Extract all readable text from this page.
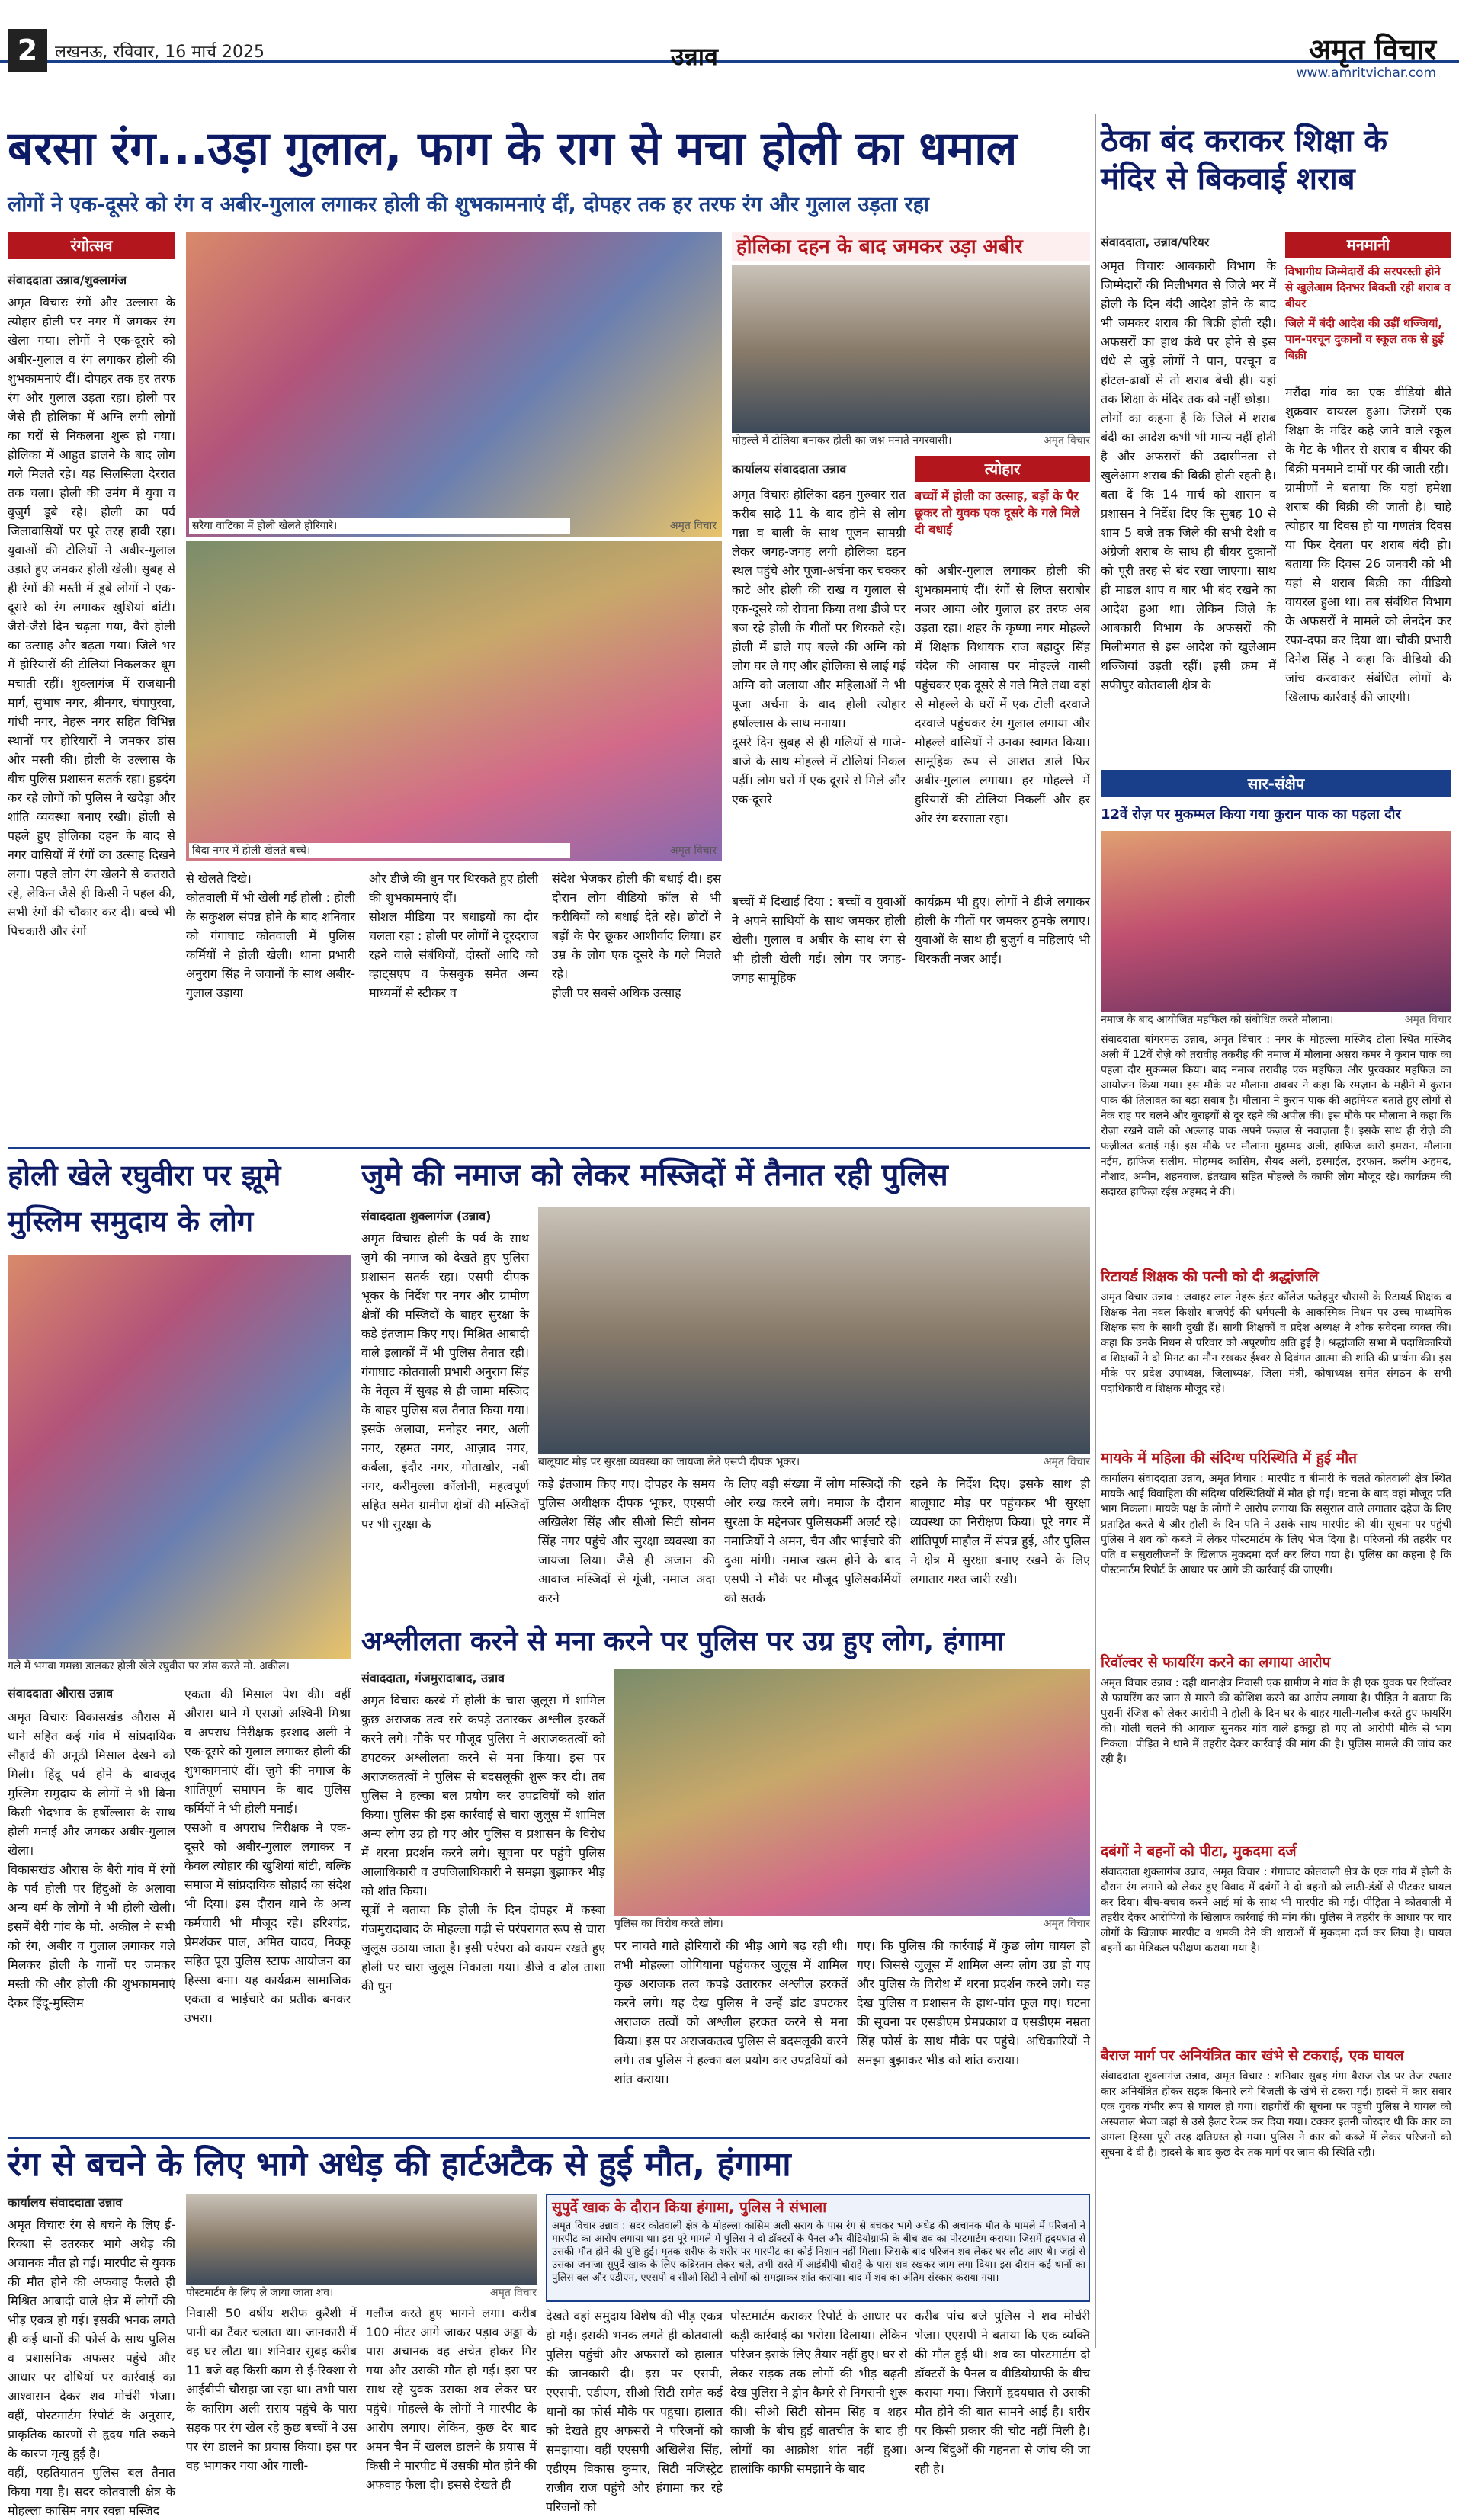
2	लखनऊ, रविवार, 16 मार्च 2025	उन्नाव	अमृत विचार
www.amritvichar.com
बरसा रंग...उड़ा गुलाल, फाग के राग से मचा होली का धमाल
लोगों ने एक-दूसरे को रंग व अबीर-गुलाल लगाकर होली की शुभकामनाएं दीं, दोपहर तक हर तरफ रंग और गुलाल उड़ता रहा
रंगोत्सव
संवाददाता उन्नाव/शुक्लागंज
अमृत विचारः रंगों और उल्लास के त्योहार होली पर नगर में जमकर रंग खेला गया। लोगों ने एक-दूसरे को अबीर-गुलाल व रंग लगाकर होली की शुभकामनाएं दीं। दोपहर तक हर तरफ रंग और गुलाल उड़ता रहा। होली पर जैसे ही होलिका में अग्नि लगी लोगों का घरों से निकलना शुरू हो गया। होलिका में आहुत डालने के बाद लोग गले मिलते रहे। यह सिलसिला देररात तक चला। होली की उमंग में युवा व बुजुर्ग डूबे रहे। होली का पर्व जिलावासियों पर पूरे तरह हावी रहा। युवाओं की टोलियों ने अबीर-गुलाल उड़ाते हुए जमकर होली खेली। सुबह से ही रंगों की मस्ती में डूबे लोगों ने एक-दूसरे को रंग लगाकर खुशियां बांटी। जैसे-जैसे दिन चढ़ता गया, वैसे होली का उत्साह और बढ़ता गया। जिले भर में होरियारों की टोलियां निकलकर धूम मचाती रहीं। शुक्लागंज में राजधानी मार्ग, सुभाष नगर, श्रीनगर, चंपापुरवा, गांधी नगर, नेहरू नगर सहित विभिन्न स्थानों पर होरियारों ने जमकर डांस और मस्ती की। होली के उल्लास के बीच पुलिस प्रशासन सतर्क रहा। हुड़दंग कर रहे लोगों को पुलिस ने खदेड़ा और शांति व्यवस्था बनाए रखी। होली से पहले हुए होलिका दहन के बाद से नगर वासियों में रंगों का उत्साह दिखने लगा। पहले लोग रंग खेलने से कतराते रहे, लेकिन जैसे ही किसी ने पहल की, सभी रंगों की चौकार कर दी। बच्चे भी पिचकारी और रंगों
सरैया वाटिका में होली खेलते होरियारे।	अमृत विचार
बिदा नगर में होली खेलते बच्चे।	अमृत विचार
से खेलते दिखे।
कोतवाली में भी खेली गई होली : होली के सकुशल संपन्न होने के बाद शनिवार को गंगाघाट कोतवाली में पुलिस कर्मियों ने होली खेली। थाना प्रभारी अनुराग सिंह ने जवानों के साथ अबीर-गुलाल उड़ाया
और डीजे की धुन पर थिरकते हुए होली की शुभकामनाएं दीं।
सोशल मीडिया पर बधाइयों का दौर चलता रहा : होली पर लोगों ने दूरदराज रहने वाले संबंधियों, दोस्तों आदि को व्हाट्सएप व फेसबुक समेत अन्य माध्यमों से स्टीकर व
संदेश भेजकर होली की बधाई दी। इस दौरान लोग वीडियो कॉल से भी करीबियों को बधाई देते रहे। छोटों ने बड़ों के पैर छूकर आशीर्वाद लिया। हर उम्र के लोग एक दूसरे के गले मिलते रहे।
होली पर सबसे अधिक उत्साह
होलिका दहन के बाद जमकर उड़ा अबीर
मोहल्ले में टोलिया बनाकर होली का जश्न मनाते नगरवासी।	अमृत विचार
कार्यालय संवाददाता उन्नाव	त्योहार
बच्चों में होली का उत्साह, बड़ों के पैर छूकर तो युवक एक दूसरे के गले मिले दी बधाई
अमृत विचारः होलिका दहन गुरुवार रात करीब साढ़े 11 के बाद होने से लोग गन्ना व बाली के साथ पूजन सामग्री लेकर जगह-जगह लगी होलिका दहन स्थल पहुंचे और पूजा-अर्चना कर चक्कर काटे और होली की राख व गुलाल से एक-दूसरे को रोचना किया तथा डीजे पर बज रहे होली के गीतों पर थिरकते रहे। होली में डाले गए बल्ले की अग्नि को लोग घर ले गए और होलिका से लाई गई अग्नि को जलाया और महिलाओं ने भी पूजा अर्चना के बाद होली त्योहार हर्षोल्लास के साथ मनाया।
दूसरे दिन सुबह से ही गलियों से गाजे-बाजे के साथ मोहल्ले में टोलियां निकल पड़ीं। लोग घरों में एक दूसरे से मिले और एक-दूसरे
को अबीर-गुलाल लगाकर होली की शुभकामनाएं दीं। रंगों से लिप्त सराबोर नजर आया और गुलाल हर तरफ अब उड़ता रहा। शहर के कृष्णा नगर मोहल्ले में शिक्षक विधायक राज बहादुर सिंह चंदेल की आवास पर मोहल्ले वासी पहुंचकर एक दूसरे से गले मिले तथा वहां से मोहल्ले के घरों में एक टोली दरवाजे दरवाजे पहुंचकर रंग गुलाल लगाया और मोहल्ले वासियों ने उनका स्वागत किया। सामूहिक रूप से आशत डाले फिर अबीर-गुलाल लगाया। हर मोहल्ले में हुरियारों की टोलियां निकलीं और हर ओर रंग बरसाता रहा।
बच्चों में दिखाई दिया : बच्चों व युवाओं ने अपने साथियों के साथ जमकर होली खेली। गुलाल व अबीर के साथ रंग से भी होली खेली गई। लोग पर जगह-जगह सामूहिक
कार्यक्रम भी हुए। लोगों ने डीजे लगाकर होली के गीतों पर जमकर ठुमके लगाए। युवाओं के साथ ही बुजुर्ग व महिलाएं भी थिरकती नजर आईं।
ठेका बंद कराकर शिक्षा के मंदिर से बिकवाई शराब
संवाददाता, उन्नाव/परियर
अमृत विचारः आबकारी विभाग के जिम्मेदारों की मिलीभगत से जिले भर में होली के दिन बंदी आदेश होने के बाद भी जमकर शराब की बिक्री होती रही। अफसरों का हाथ कंधे पर होने से इस धंधे से जुड़े लोगों ने पान, परचून व होटल-ढाबों से तो शराब बेची ही। यहां तक शिक्षा के मंदिर तक को नहीं छोड़ा।
लोगों का कहना है कि जिले में शराब बंदी का आदेश कभी भी मान्य नहीं होती है और अफसरों की उदासीनता से खुलेआम शराब की बिक्री होती रहती है। बता दें कि 14 मार्च को शासन व प्रशासन ने निर्देश दिए कि सुबह 10 से शाम 5 बजे तक जिले की सभी देशी व अंग्रेजी शराब के साथ ही बीयर दुकानों को पूरी तरह से बंद रखा जाएगा। साथ ही माडल शाप व बार भी बंद रखने का आदेश हुआ था। लेकिन जिले के आबकारी विभाग के अफसरों की मिलीभगत से इस आदेश को खुलेआम धज्जियां उड़ती रहीं। इसी क्रम में सफीपुर कोतवाली क्षेत्र के
मनमानी
विभागीय जिम्मेदारों की सरपरस्ती होने से खुलेआम दिनभर बिकती रही शराब व बीयर
जिले में बंदी आदेश की उड़ीं धज्जियां, पान-परचून दुकानों व स्कूल तक से हुई बिक्री
मरौंदा गांव का एक वीडियो बीते शुक्रवार वायरल हुआ। जिसमें एक शिक्षा के मंदिर कहे जाने वाले स्कूल के गेट के भीतर से शराब व बीयर की बिक्री मनमाने दामों पर की जाती रही।
ग्रामीणों ने बताया कि यहां हमेशा शराब की बिक्री की जाती है। चाहे त्योहार या दिवस हो या गणतंत्र दिवस या फिर देवता पर शराब बंदी हो। बताया कि दिवस 26 जनवरी को भी यहां से शराब बिक्री का वीडियो वायरल हुआ था। तब संबंधित विभाग के अफसरों ने मामले को लेनदेन कर रफा-दफा कर दिया था। चौकी प्रभारी दिनेश सिंह ने कहा कि वीडियो की जांच करवाकर संबंधित लोगों के खिलाफ कार्रवाई की जाएगी।
सार-संक्षेप
12वें रोज़ पर मुकम्मल किया गया कुरान पाक का पहला दौर
नमाज के बाद आयोजित महफिल को संबोधित करते मौलाना।	अमृत विचार
संवाददाता बांगरमऊ उन्नाव, अमृत विचार : नगर के मोहल्ला मस्जिद टोला स्थित मस्जिद अली में 12वें रोज़े को तरावीह तकरीह की नमाज में मौलाना असरा कमर ने कुरान पाक का पहला दौर मुकम्मल किया। बाद नमाज तरावीह एक महफिल और पुरवकार महफिल का आयोजन किया गया। इस मौके पर मौलाना अक्बर ने कहा कि रमज़ान के महीने में कुरान पाक की तिलावत का बड़ा सवाब है। मौलाना ने कुरान पाक की अहमियत बताते हुए लोगों से नेक राह पर चलने और बुराइयों से दूर रहने की अपील की। इस मौके पर मौलाना ने कहा कि रोज़ा रखने वाले को अल्लाह पाक अपने फज़ल से नवाज़ता है। इसके साथ ही रोज़े की फज़ीलत बताई गई। इस मौके पर मौलाना मुहम्मद अली, हाफिज कारी इमरान, मौलाना नईम, हाफिज सलीम, मोहम्मद कासिम, सैयद अली, इस्माईल, इरफान, कलीम अहमद, नौशाद, अमीन, शहनवाज, इंतखाब सहित मोहल्ले के काफी लोग मौजूद रहे। कार्यक्रम की सदारत हाफिज़ रईस अहमद ने की।
रिटायर्ड शिक्षक की पत्नी को दी श्रद्धांजलि
अमृत विचार उन्नाव : जवाहर लाल नेहरू इंटर कॉलेज फतेहपुर चौरासी के रिटायर्ड शिक्षक व शिक्षक नेता नवल किशोर बाजपेई की धर्मपत्नी के आकस्मिक निधन पर उच्च माध्यमिक शिक्षक संघ के साथी दुखी हैं। साथी शिक्षकों व प्रदेश अध्यक्ष ने शोक संवेदना व्यक्त की। कहा कि उनके निधन से परिवार को अपूरणीय क्षति हुई है। श्रद्धांजलि सभा में पदाधिकारियों व शिक्षकों ने दो मिनट का मौन रखकर ईश्वर से दिवंगत आत्मा की शांति की प्रार्थना की। इस मौके पर प्रदेश उपाध्यक्ष, जिलाध्यक्ष, जिला मंत्री, कोषाध्यक्ष समेत संगठन के सभी पदाधिकारी व शिक्षक मौजूद रहे।
मायके में महिला की संदिग्ध परिस्थिति में हुई मौत
कार्यालय संवाददाता उन्नाव, अमृत विचार : मारपीट व बीमारी के चलते कोतवाली क्षेत्र स्थित मायके आई विवाहिता की संदिग्ध परिस्थितियों में मौत हो गई। घटना के बाद वहां मौजूद पति भाग निकला। मायके पक्ष के लोगों ने आरोप लगाया कि ससुराल वाले लगातार दहेज के लिए प्रताड़ित करते थे और होली के दिन पति ने उसके साथ मारपीट की थी। सूचना पर पहुंची पुलिस ने शव को कब्जे में लेकर पोस्टमार्टम के लिए भेज दिया है। परिजनों की तहरीर पर पति व ससुरालीजनों के खिलाफ मुकदमा दर्ज कर लिया गया है। पुलिस का कहना है कि पोस्टमार्टम रिपोर्ट के आधार पर आगे की कार्रवाई की जाएगी।
रिवॉल्वर से फायरिंग करने का लगाया आरोप
अमृत विचार उन्नाव : दही थानाक्षेत्र निवासी एक ग्रामीण ने गांव के ही एक युवक पर रिवॉल्वर से फायरिंग कर जान से मारने की कोशिश करने का आरोप लगाया है। पीड़ित ने बताया कि पुरानी रंजिश को लेकर आरोपी ने होली के दिन घर के बाहर गाली-गलौज करते हुए फायरिंग की। गोली चलने की आवाज सुनकर गांव वाले इकट्ठा हो गए तो आरोपी मौके से भाग निकला। पीड़ित ने थाने में तहरीर देकर कार्रवाई की मांग की है। पुलिस मामले की जांच कर रही है।
दबंगों ने बहनों को पीटा, मुकदमा दर्ज
संवाददाता शुक्लागंज उन्नाव, अमृत विचार : गंगाघाट कोतवाली क्षेत्र के एक गांव में होली के दौरान रंग लगाने को लेकर हुए विवाद में दबंगों ने दो बहनों को लाठी-डंडों से पीटकर घायल कर दिया। बीच-बचाव करने आई मां के साथ भी मारपीट की गई। पीड़िता ने कोतवाली में तहरीर देकर आरोपियों के खिलाफ कार्रवाई की मांग की। पुलिस ने तहरीर के आधार पर चार लोगों के खिलाफ मारपीट व धमकी देने की धाराओं में मुकदमा दर्ज कर लिया है। घायल बहनों का मेडिकल परीक्षण कराया गया है।
बैराज मार्ग पर अनियंत्रित कार खंभे से टकराई, एक घायल
संवाददाता शुक्लागंज उन्नाव, अमृत विचार : शनिवार सुबह गंगा बैराज रोड पर तेज रफ्तार कार अनियंत्रित होकर सड़क किनारे लगे बिजली के खंभे से टकरा गई। हादसे में कार सवार एक युवक गंभीर रूप से घायल हो गया। राहगीरों की सूचना पर पहुंची पुलिस ने घायल को अस्पताल भेजा जहां से उसे हैलट रेफर कर दिया गया। टक्कर इतनी जोरदार थी कि कार का अगला हिस्सा पूरी तरह क्षतिग्रस्त हो गया। पुलिस ने कार को कब्जे में लेकर परिजनों को सूचना दे दी है। हादसे के बाद कुछ देर तक मार्ग पर जाम की स्थिति रही।
होली खेले रघुवीरा पर झूमे मुस्लिम समुदाय के लोग
गले में भगवा गमछा डालकर होली खेले रघुवीरा पर डांस करते मो. अकील।
संवाददाता औरास उन्नाव
अमृत विचारः विकासखंड औरास में थाने सहित कई गांव में सांप्रदायिक सौहार्द की अनूठी मिसाल देखने को मिली। हिंदू पर्व होने के बावजूद मुस्लिम समुदाय के लोगों ने भी बिना किसी भेदभाव के हर्षोल्लास के साथ होली मनाई और जमकर अबीर-गुलाल खेला।
विकासखंड औरास के बैरी गांव में रंगों के पर्व होली पर हिंदुओं के अलावा अन्य धर्म के लोगों ने भी होली खेली। इसमें बैरी गांव के मो. अकील ने सभी को रंग, अबीर व गुलाल लगाकर गले मिलकर होली के गानों पर जमकर मस्ती की और होली की शुभकामनाएं देकर हिंदू-मुस्लिम
एकता की मिसाल पेश की। वहीं औरास थाने में एसओ अश्विनी मिश्रा व अपराध निरीक्षक इरशाद अली ने एक-दूसरे को गुलाल लगाकर होली की शुभकामनाएं दीं। जुमे की नमाज के शांतिपूर्ण समापन के बाद पुलिस कर्मियों ने भी होली मनाई।
एसओ व अपराध निरीक्षक ने एक-दूसरे को अबीर-गुलाल लगाकर न केवल त्योहार की खुशियां बांटी, बल्कि समाज में सांप्रदायिक सौहार्द का संदेश भी दिया। इस दौरान थाने के अन्य कर्मचारी भी मौजूद रहे। हरिश्चंद्र, प्रेमशंकर पाल, अमित यादव, निक्कू सहित पूरा पुलिस स्टाफ आयोजन का हिस्सा बना। यह कार्यक्रम सामाजिक एकता व भाईचारे का प्रतीक बनकर उभरा।
जुमे की नमाज को लेकर मस्जिदों में तैनात रही पुलिस
संवाददाता शुक्लागंज (उन्नाव)
अमृत विचारः होली के पर्व के साथ जुमे की नमाज को देखते हुए पुलिस प्रशासन सतर्क रहा। एसपी दीपक भूकर के निर्देश पर नगर और ग्रामीण क्षेत्रों की मस्जिदों के बाहर सुरक्षा के कड़े इंतजाम किए गए। मिश्रित आबादी वाले इलाकों में भी पुलिस तैनात रही। गंगाघाट कोतवाली प्रभारी अनुराग सिंह के नेतृत्व में सुबह से ही जामा मस्जिद के बाहर पुलिस बल तैनात किया गया। इसके अलावा, मनोहर नगर, अली नगर, रहमत नगर, आज़ाद नगर, कर्बला, इंदौर नगर, गोताखोर, नबी नगर, करीमुल्ला कॉलोनी, महत्वपूर्ण सहित समेत ग्रामीण क्षेत्रों की मस्जिदों पर भी सुरक्षा के
बालूघाट मोड़ पर सुरक्षा व्यवस्था का जायजा लेते एसपी दीपक भूकर।	अमृत विचार
कड़े इंतजाम किए गए। दोपहर के समय पुलिस अधीक्षक दीपक भूकर, एएसपी अखिलेश सिंह और सीओ सिटी सोनम सिंह नगर पहुंचे और सुरक्षा व्यवस्था का जायजा लिया। जैसे ही अजान की आवाज मस्जिदों से गूंजी, नमाज अदा करने
के लिए बड़ी संख्या में लोग मस्जिदों की ओर रुख करने लगे। नमाज के दौरान सुरक्षा के मद्देनजर पुलिसकर्मी अलर्ट रहे। नमाजियों ने अमन, चैन और भाईचारे की दुआ मांगी। नमाज खत्म होने के बाद एसपी ने मौके पर मौजूद पुलिसकर्मियों को सतर्क
रहने के निर्देश दिए। इसके साथ ही बालूघाट मोड़ पर पहुंचकर भी सुरक्षा व्यवस्था का निरीक्षण किया। पूरे नगर में शांतिपूर्ण माहौल में संपन्न हुई, और पुलिस ने क्षेत्र में सुरक्षा बनाए रखने के लिए लगातार गश्त जारी रखी।
अश्लीलता करने से मना करने पर पुलिस पर उग्र हुए लोग, हंगामा
संवाददाता, गंजमुरादाबाद, उन्नाव
अमृत विचारः कस्बे में होली के चारा जुलूस में शामिल कुछ अराजक तत्व सरे कपड़े उतारकर अश्लील हरकतें करने लगे। मौके पर मौजूद पुलिस ने अराजकतत्वों को डपटकर अश्लीलता करने से मना किया। इस पर अराजकतत्वों ने पुलिस से बदसलूकी शुरू कर दी। तब पुलिस ने हल्का बल प्रयोग कर उपद्रवियों को शांत किया। पुलिस की इस कार्रवाई से चारा जुलूस में शामिल अन्य लोग उग्र हो गए और पुलिस व प्रशासन के विरोध में धरना प्रदर्शन करने लगे। सूचना पर पहुंचे पुलिस आलाधिकारी व उपजिलाधिकारी ने समझा बुझाकर भीड़ को शांत किया।
सूत्रों ने बताया कि होली के दिन दोपहर में कस्बा गंजमुरादाबाद के मोहल्ला गढ़ी से परंपरागत रूप से चारा जुलूस उठाया जाता है। इसी परंपरा को कायम रखते हुए होली पर चारा जुलूस निकाला गया। डीजे व ढोल ताशा की धुन
पुलिस का विरोध करते लोग।	अमृत विचार
पर नाचते गाते होरियारों की भीड़ आगे बढ़ रही थी। तभी मोहल्ला जोगियाना पहुंचकर जुलूस में शामिल कुछ अराजक तत्व कपड़े उतारकर अश्लील हरकतें करने लगे। यह देख पुलिस ने उन्हें डांट डपटकर अराजक तत्वों को अश्लील हरकत करने से मना किया। इस पर अराजकतत्व पुलिस से बदसलूकी करने लगे। तब पुलिस ने हल्का बल प्रयोग कर उपद्रवियों को शांत कराया।
गए। कि पुलिस की कार्रवाई में कुछ लोग घायल हो गए। जिससे जुलूस में शामिल अन्य लोग उग्र हो गए और पुलिस के विरोध में धरना प्रदर्शन करने लगे। यह देख पुलिस व प्रशासन के हाथ-पांव फूल गए। घटना की सूचना पर एसडीएम प्रेमप्रकाश व एसडीएम नम्रता सिंह फोर्स के साथ मौके पर पहुंचे। अधिकारियों ने समझा बुझाकर भीड़ को शांत कराया।
रंग से बचने के लिए भागे अधेड़ की हार्टअटैक से हुई मौत, हंगामा
कार्यालय संवाददाता उन्नाव
अमृत विचारः रंग से बचने के लिए ई-रिक्शा से उतरकर भागे अधेड़ की अचानक मौत हो गई। मारपीट से युवक की मौत होने की अफवाह फैलते ही मिश्रित आबादी वाले क्षेत्र में लोगों की भीड़ एकत्र हो गई। इसकी भनक लगते ही कई थानों की फोर्स के साथ पुलिस व प्रशासनिक अफसर पहुंचे और आधार पर दोषियों पर कार्रवाई का आश्वासन देकर शव मोर्चरी भेजा। वहीं, पोस्टमार्टम रिपोर्ट के अनुसार, प्राकृतिक कारणों से हृदय गति रुकने के कारण मृत्यु हुई है।
वहीं, एहतियातन पुलिस बल तैनात किया गया है। सदर कोतवाली क्षेत्र के मोहल्ला कासिम नगर रवन्ना मस्जिद
पोस्टमार्टम के लिए ले जाया जाता शव।	अमृत विचार
निवासी 50 वर्षीय शरीफ कुरैशी में पानी का टैंकर चलाता था। जानकारी में वह घर लौटा था। शनिवार सुबह करीब 11 बजे वह किसी काम से ई-रिक्शा से आईबीपी चौराहा जा रहा था। तभी पास के कासिम अली सराय पहुंचे के पास सड़क पर रंग खेल रहे कुछ बच्चों ने उस पर रंग डालने का प्रयास किया। इस पर वह भागकर गया और गाली-
गलौज करते हुए भागने लगा। करीब 100 मीटर आगे जाकर पड़ाव अड्डा के पास अचानक वह अचेत होकर गिर गया और उसकी मौत हो गई। इस पर साथ रहे युवक उसका शव लेकर घर पहुंचे। मोहल्ले के लोगों ने मारपीट के आरोप लगाए। लेकिन, कुछ देर बाद अमन चैन में खलल डालने के प्रयास में किसी ने मारपीट में उसकी मौत होने की अफवाह फैला दी। इससे देखते ही
सुपुर्दे खाक के दौरान किया हंगामा, पुलिस ने संभाला
अमृत विचार उन्नाव : सदर कोतवाली क्षेत्र के मोहल्ला कासिम अली सराय के पास रंग से बचकर भागे अधेड़ की अचानक मौत के मामले में परिजनों ने मारपीट का आरोप लगाया था। इस पूरे मामले में पुलिस ने दो डॉक्टरों के पैनल और वीडियोग्राफी के बीच शव का पोस्टमार्टम कराया। जिसमें हृदयघात से उसकी मौत होने की पुष्टि हुई। मृतक शरीफ के शरीर पर मारपीट का कोई निशान नहीं मिला। जिसके बाद परिजन शव लेकर घर लौट आए थे। जहां से उसका जनाजा सुपुर्दे खाक के लिए कब्रिस्तान लेकर चले, तभी रास्ते में आईबीपी चौराहे के पास शव रखकर जाम लगा दिया। इस दौरान कई थानों का पुलिस बल और एडीएम, एएसपी व सीओ सिटी ने लोगों को समझाकर शांत कराया। बाद में शव का अंतिम संस्कार कराया गया।
देखते वहां समुदाय विशेष की भीड़ एकत्र हो गई। इसकी भनक लगते ही कोतवाली पुलिस पहुंची और अफसरों को हालात की जानकारी दी। इस पर एसपी, एएसपी, एडीएम, सीओ सिटी समेत कई थानों का फोर्स मौके पर पहुंचा। हालात को देखते हुए अफसरों ने परिजनों को समझाया। वहीं एएसपी अखिलेश सिंह, एडीएम विकास कुमार, सिटी मजिस्ट्रेट राजीव राज पहुंचे और हंगामा कर रहे परिजनों को
पोस्टमार्टम कराकर रिपोर्ट के आधार पर कड़ी कार्रवाई का भरोसा दिलाया। लेकिन परिजन इसके लिए तैयार नहीं हुए। घर से लेकर सड़क तक लोगों की भीड़ बढ़ती देख पुलिस ने ड्रोन कैमरे से निगरानी शुरू की। सीओ सिटी सोनम सिंह व शहर काजी के बीच हुई बातचीत के बाद ही लोगों का आक्रोश शांत नहीं हुआ। हालांकि काफी समझाने के बाद
करीब पांच बजे पुलिस ने शव मोर्चरी भेजा। एएसपी ने बताया कि एक व्यक्ति की मौत हुई थी। शव का पोस्टमार्टम दो डॉक्टरों के पैनल व वीडियोग्राफी के बीच कराया गया। जिसमें हृदयघात से उसकी मौत होने की बात सामने आई है। शरीर पर किसी प्रकार की चोट नहीं मिली है। अन्य बिंदुओं की गहनता से जांच की जा रही है।
